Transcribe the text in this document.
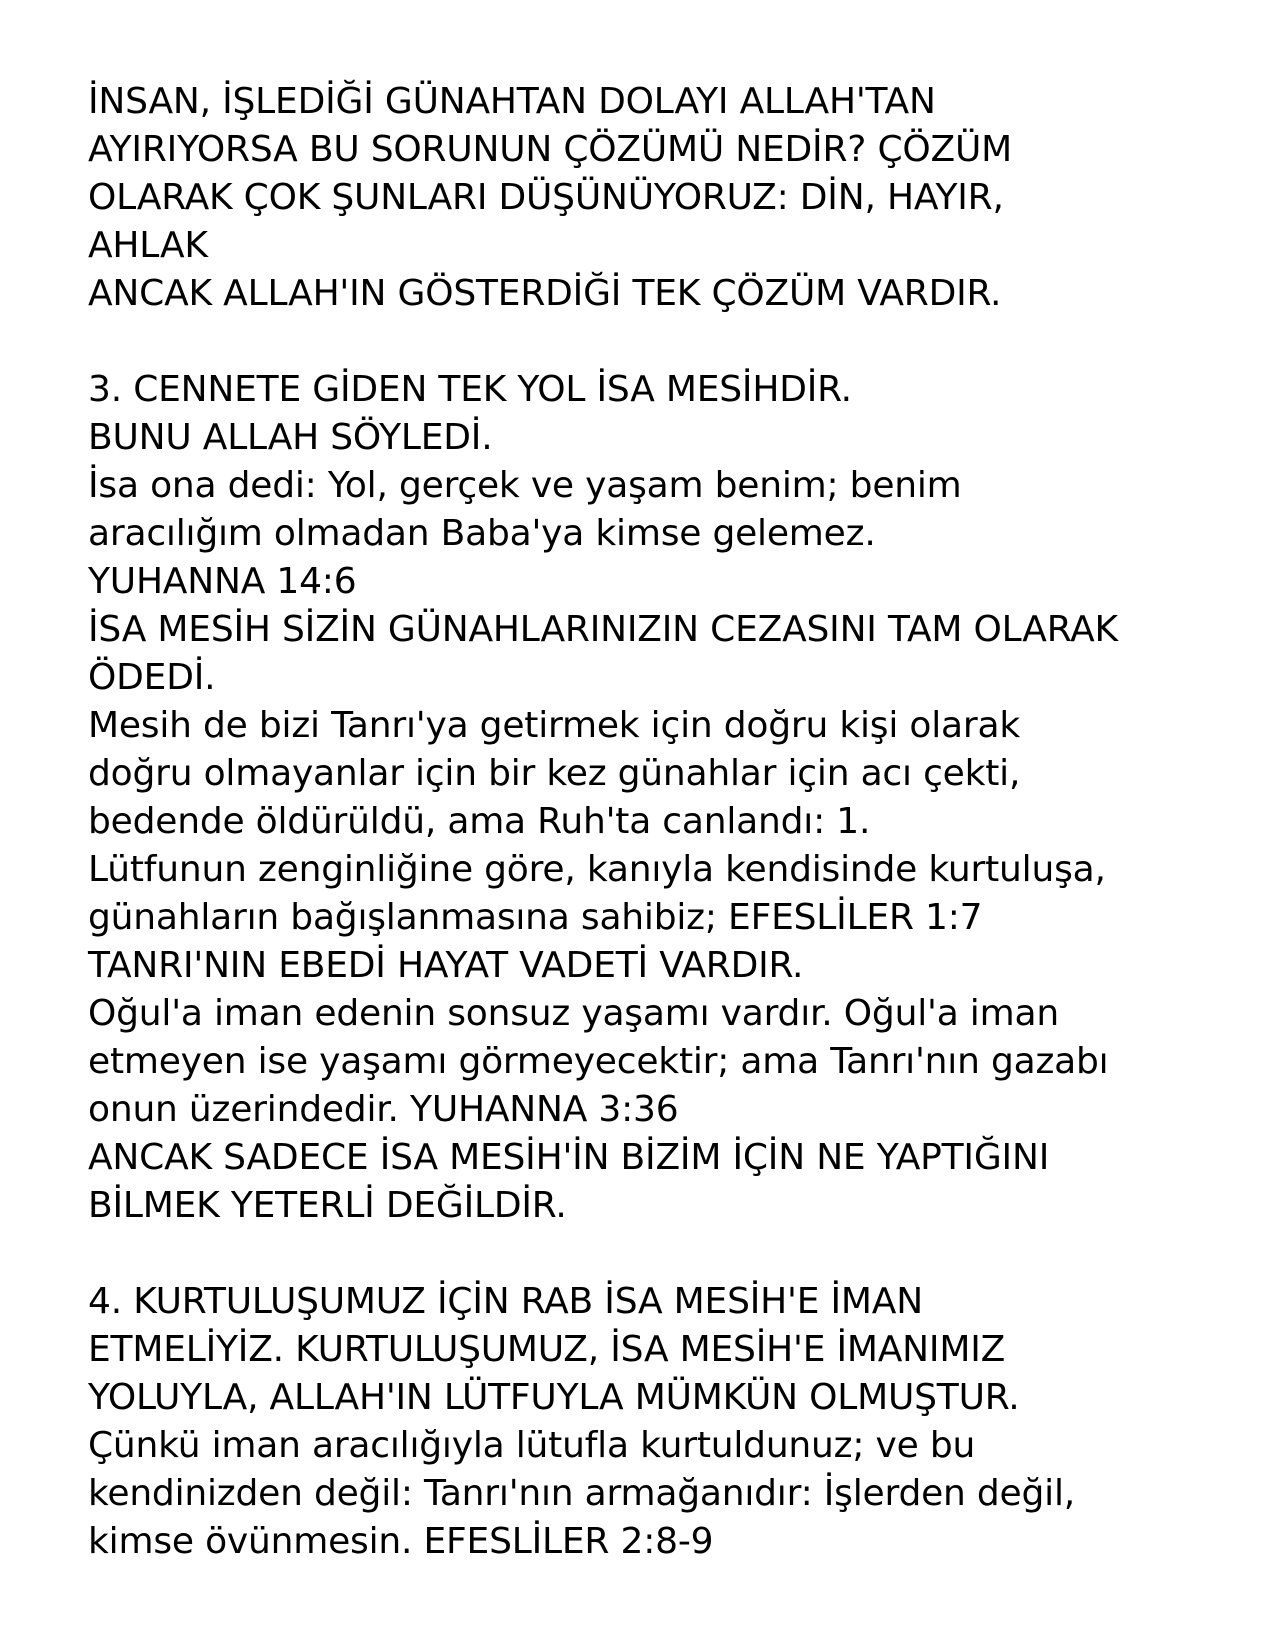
İNSAN, İŞLEDİĞİ GÜNAHTAN DOLAYI ALLAH'TAN
AYIRIYORSA BU SORUNUN ÇÖZÜMÜ NEDİR? ÇÖZÜM
OLARAK ÇOK ŞUNLARI DÜŞÜNÜYORUZ: DİN, HAYIR,
AHLAK
ANCAK ALLAH'IN GÖSTERDİĞİ TEK ÇÖZÜM VARDIR.
3. CENNETE GİDEN TEK YOL İSA MESİHDİR.
BUNU ALLAH SÖYLEDİ.
İsa ona dedi: Yol, gerçek ve yaşam benim; benim
aracılığım olmadan Baba'ya kimse gelemez.
YUHANNA 14:6
İSA MESİH SİZİN GÜNAHLARINIZIN CEZASINI TAM OLARAK
ÖDEDİ.
Mesih de bizi Tanrı'ya getirmek için doğru kişi olarak
doğru olmayanlar için bir kez günahlar için acı çekti,
bedende öldürüldü, ama Ruh'ta canlandı: 1.
Lütfunun zenginliğine göre, kanıyla kendisinde kurtuluşa,
günahların bağışlanmasına sahibiz; EFESLİLER 1:7
TANRI'NIN EBEDİ HAYAT VADETİ VARDIR.
Oğul'a iman edenin sonsuz yaşamı vardır. Oğul'a iman
etmeyen ise yaşamı görmeyecektir; ama Tanrı'nın gazabı
onun üzerindedir. YUHANNA 3:36
ANCAK SADECE İSA MESİH'İN BİZİM İÇİN NE YAPTIĞINI
BİLMEK YETERLİ DEĞİLDİR.
4. KURTULUŞUMUZ İÇİN RAB İSA MESİH'E İMAN
ETMELİYİZ. KURTULUŞUMUZ, İSA MESİH'E İMANIMIZ
YOLUYLA, ALLAH'IN LÜTFUYLA MÜMKÜN OLMUŞTUR.
Çünkü iman aracılığıyla lütufla kurtuldunuz; ve bu
kendinizden değil: Tanrı'nın armağanıdır: İşlerden değil,
kimse övünmesin. EFESLİLER 2:8-9
